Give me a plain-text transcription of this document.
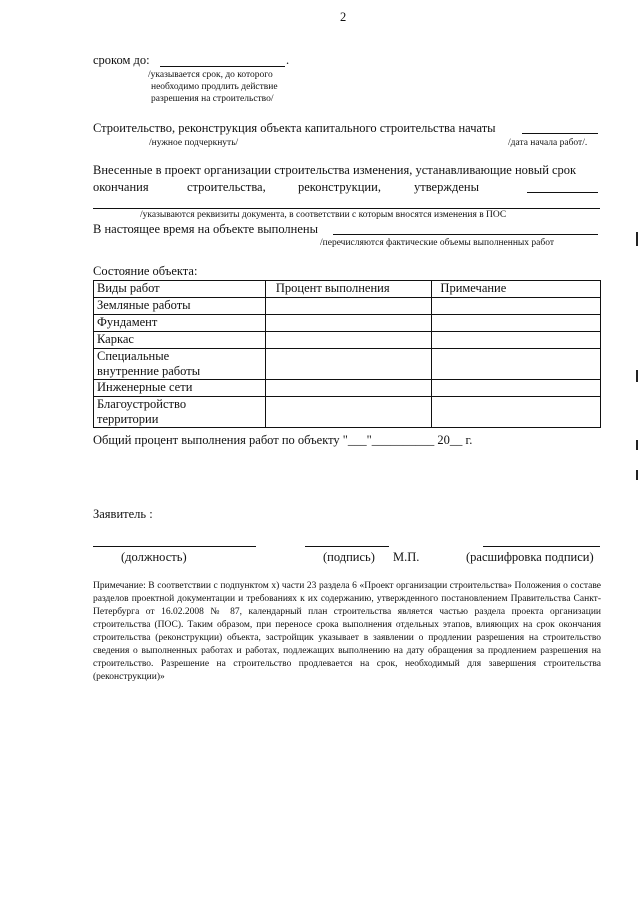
2
сроком до:	.
/указывается срок, до которого
необходимо продлить действие
разрешения на строительство/
Строительство, реконструкция объекта капитального строительства начаты
/нужное подчеркнуть/	/дата начала работ/.
Внесенные в проект организации строительства изменения, устанавливающие новый срок
окончания	строительства,	реконструкции,	утверждены
/указываются реквизиты документа, в соответствии с которым вносятся изменения в ПОС
В настоящее время на объекте выполнены
/перечисляются фактические объемы выполненных работ
Состояние объекта:
Виды работ	Процент выполнения	Примечание
Земляные работы		
Фундамент		
Каркас		
Специальные внутренние работы		
Инженерные сети		
Благоустройство территории		
Общий процент выполнения работ по объекту "___"__________ 20__ г.
Заявитель :
(должность)	(подпись) М.П.	(расшифровка подписи)
Примечание: В соответствии с подпунктом х) части 23 раздела 6 «Проект организации строительства» Положения о составе разделов проектной документации и требованиях к их содержанию, утвержденного постановлением Правительства Санкт-Петербурга от 16.02.2008 № 87, календарный план строительства является частью раздела проекта организации строительства (ПОС). Таким образом, при переносе срока выполнения отдельных этапов, влияющих на срок окончания строительства (реконструкции) объекта, застройщик указывает в заявлении о продлении разрешения на строительство сведения о выполненных работах и работах, подлежащих выполнению на дату обращения за продлением разрешения на строительство. Разрешение на строительство продлевается на срок, необходимый для завершения строительства (реконструкции)»
